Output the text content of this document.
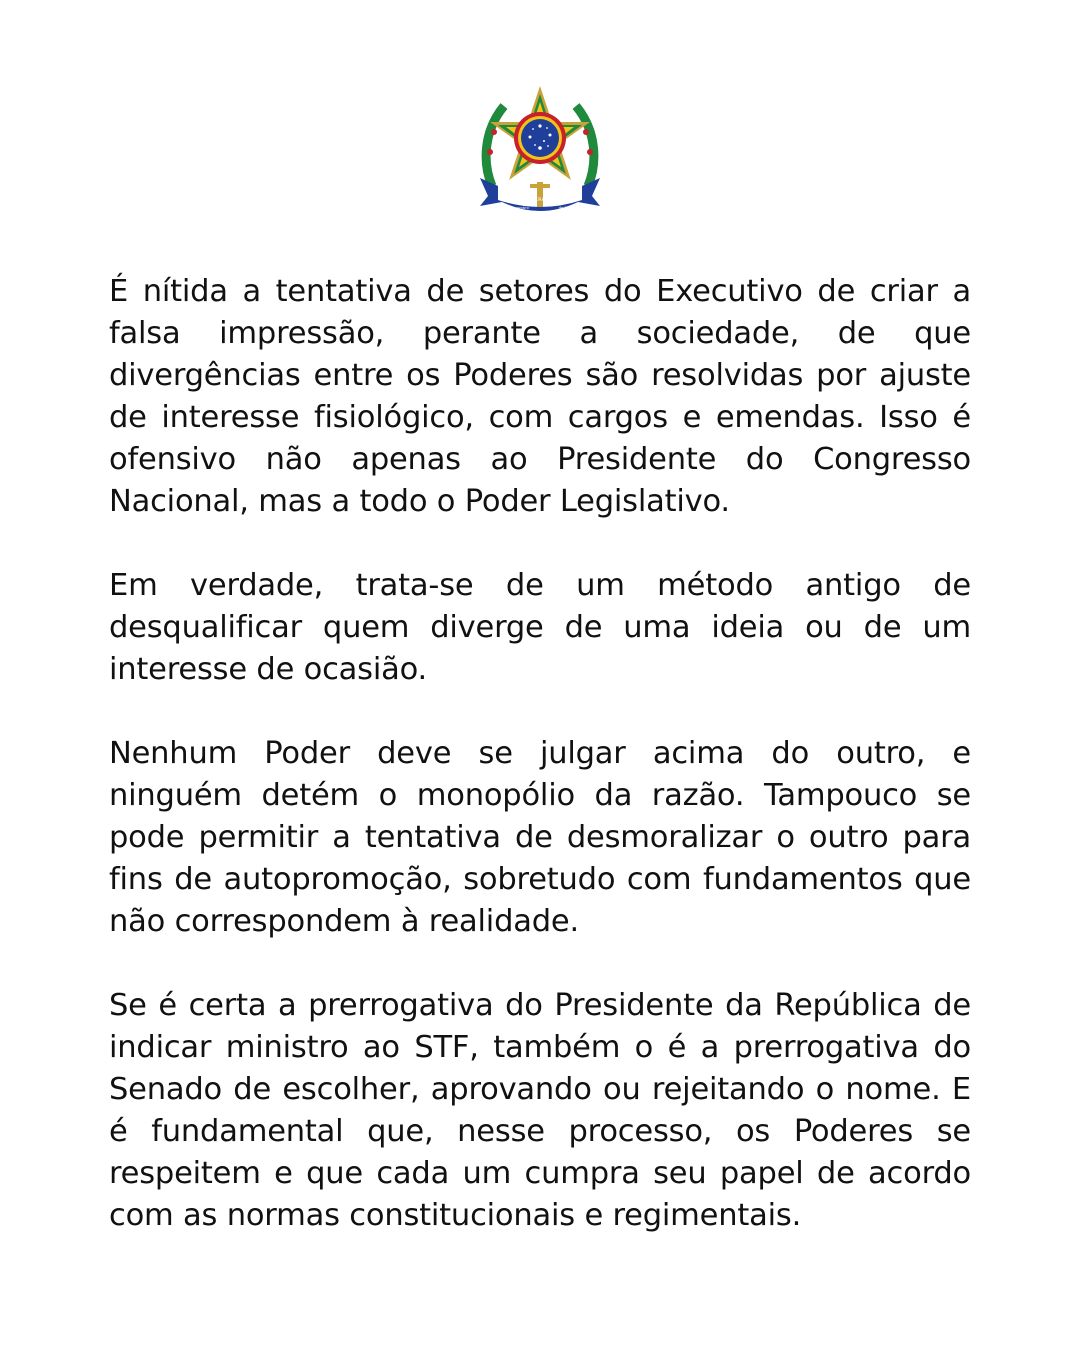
PÚBLICA FEDERATIVA DO BRA
15 de novembro	de 1889

É nítida a tentativa de setores do Executivo de criar a falsa impressão, perante a sociedade, de que divergências entre os Poderes são resolvidas por ajuste de interesse fisiológico, com cargos e emendas. Isso é ofensivo não apenas ao Presidente do Congresso Nacional, mas a todo o Poder Legislativo.

Em verdade, trata-se de um método antigo de desqualificar quem diverge de uma ideia ou de um interesse de ocasião.

Nenhum Poder deve se julgar acima do outro, e ninguém detém o monopólio da razão. Tampouco se pode permitir a tentativa de desmoralizar o outro para fins de autopromoção, sobretudo com fundamentos que não correspondem à realidade.

Se é certa a prerrogativa do Presidente da República de indicar ministro ao STF, também o é a prerrogativa do Senado de escolher, aprovando ou rejeitando o nome. E é fundamental que, nesse processo, os Poderes se respeitem e que cada um cumpra seu papel de acordo com as normas constitucionais e regimentais.
